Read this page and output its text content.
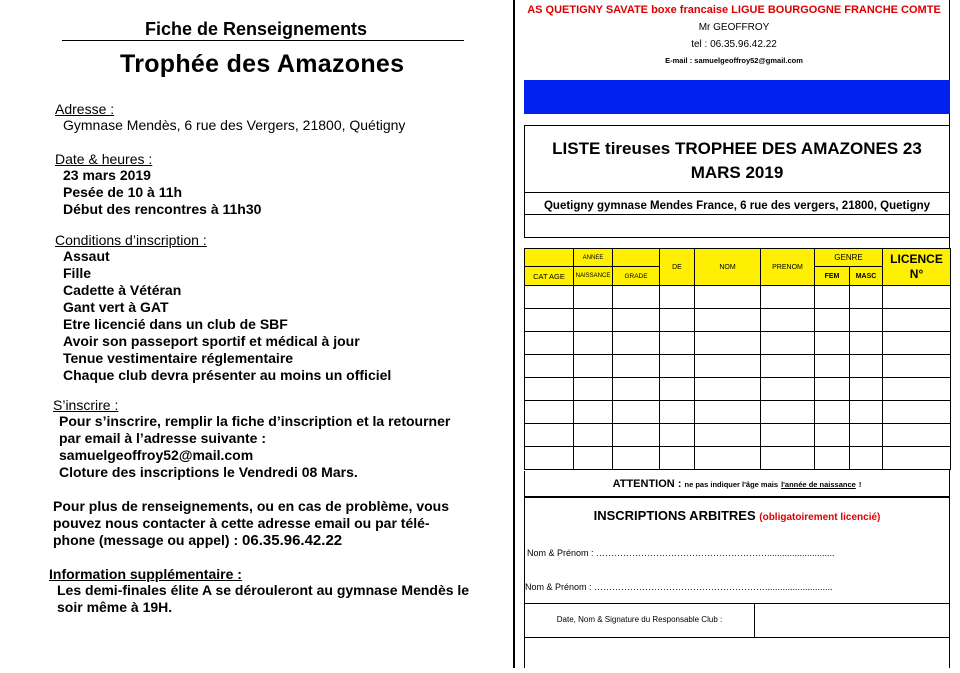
Fiche de Renseignements
Trophée des Amazones
Adresse :
Gymnase Mendès, 6 rue des Vergers, 21800, Quétigny
Date & heures :
23 mars 2019
Pesée de 10 à 11h
Début des rencontres à 11h30
Conditions d’inscription :
Assaut
Fille
Cadette à Vétéran
Gant vert à GAT
Etre licencié dans un club de SBF
Avoir son passeport sportif et médical à jour
Tenue vestimentaire réglementaire
Chaque club devra présenter au moins un officiel
S’inscrire :
Pour s’inscrire, remplir la fiche d’inscription et la retourner
par email à l’adresse suivante :
samuelgeoffroy52@mail.com
Cloture des inscriptions le Vendredi 08 Mars.
Pour plus de renseignements, ou en cas de problème, vous
pouvez nous contacter à cette adresse email ou par télé-
phone (message ou appel) : 06.35.96.42.22
Information supplémentaire :
Les demi-finales élite A se dérouleront au gymnase Mendès le
soir même à 19H.
AS QUETIGNY SAVATE boxe francaise LIGUE BOURGOGNE FRANCHE COMTE
Mr GEOFFROY
tel : 06.35.96.42.22
E-mail : samuelgeoffroy52@gmail.com
LISTE tireuses TROPHEE DES AMAZONES 23
MARS 2019
Quetigny gymnase Mendes France, 6 rue des vergers, 21800, Quetigny
	ANNEE		DE	NOM	PRENOM	GENRE		LICENCE
N°

CAT AGE	NAISSANCE	GRADE				FEM	MASC	

ATTENTION : ne pas indiquer l'âge mais l'année de naissance !
INSCRIPTIONS ARBITRES (obligatoirement licencié)
Nom & Prénom : …………………………………………………...........................
Nom & Prénom : …………………………………………………...........................
Date, Nom & Signature du Responsable Club :
